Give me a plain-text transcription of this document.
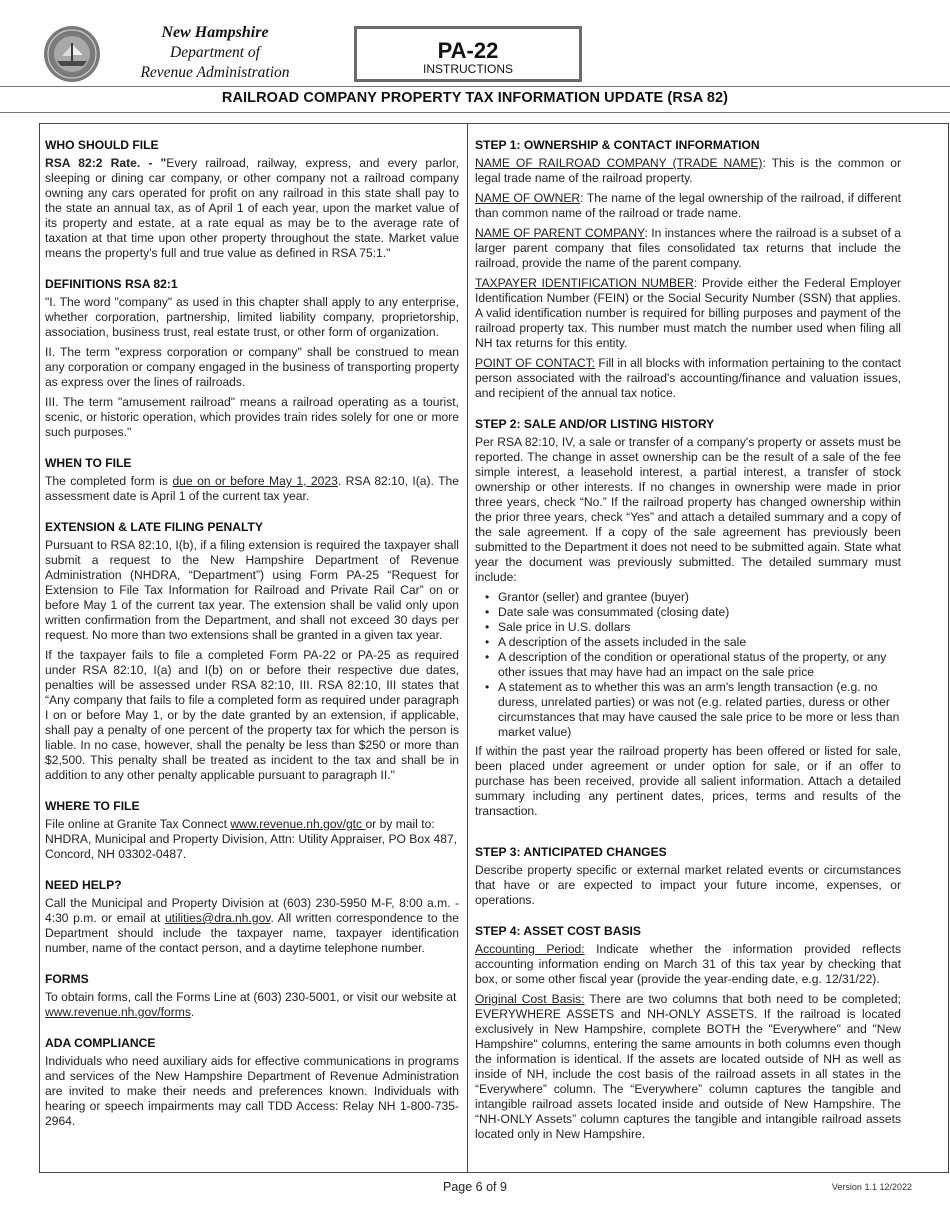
New Hampshire
Department of
Revenue Administration
PA-22
INSTRUCTIONS
RAILROAD COMPANY PROPERTY TAX INFORMATION UPDATE (RSA 82)
WHO SHOULD FILE

RSA 82:2 Rate. - "Every railroad, railway, express, and every parlor, sleeping or dining car company, or other company not a railroad company owning any cars operated for profit on any railroad in this state shall pay to the state an annual tax, as of April 1 of each year, upon the market value of its property and estate, at a rate equal as may be to the average rate of taxation at that time upon other property throughout the state. Market value means the property's full and true value as defined in RSA 75:1."

DEFINITIONS RSA 82:1

"I. The word "company" as used in this chapter shall apply to any enterprise, whether corporation, partnership, limited liability company, proprietorship, association, business trust, real estate trust, or other form of organization.

II. The term "express corporation or company" shall be construed to mean any corporation or company engaged in the business of transporting property as express over the lines of railroads.

III. The term "amusement railroad" means a railroad operating as a tourist, scenic, or historic operation, which provides train rides solely for one or more such purposes."

WHEN TO FILE

The completed form is due on or before May 1, 2023. RSA 82:10, I(a). The assessment date is April 1 of the current tax year.

EXTENSION & LATE FILING PENALTY

Pursuant to RSA 82:10, I(b), if a filing extension is required the taxpayer shall submit a request to the New Hampshire Department of Revenue Administration (NHDRA, “Department”) using Form PA-25 “Request for Extension to File Tax Information for Railroad and Private Rail Car” on or before May 1 of the current tax year. The extension shall be valid only upon written confirmation from the Department, and shall not exceed 30 days per request. No more than two extensions shall be granted in a given tax year.

If the taxpayer fails to file a completed Form PA-22 or PA-25 as required under RSA 82:10, I(a) and I(b) on or before their respective due dates, penalties will be assessed under RSA 82:10, III. RSA 82:10, III states that “Any company that fails to file a completed form as required under paragraph I on or before May 1, or by the date granted by an extension, if applicable, shall pay a penalty of one percent of the property tax for which the person is liable. In no case, however, shall the penalty be less than $250 or more than $2,500. This penalty shall be treated as incident to the tax and shall be in addition to any other penalty applicable pursuant to paragraph II."

WHERE TO FILE

File online at Granite Tax Connect www.revenue.nh.gov/gtc or by mail to: NHDRA, Municipal and Property Division, Attn: Utility Appraiser, PO Box 487, Concord, NH 03302-0487.

NEED HELP?

Call the Municipal and Property Division at (603) 230-5950 M-F, 8:00 a.m. - 4:30 p.m. or email at utilities@dra.nh.gov. All written correspondence to the Department should include the taxpayer name, taxpayer identification number, name of the contact person, and a daytime telephone number.

FORMS

To obtain forms, call the Forms Line at (603) 230-5001, or visit our website at www.revenue.nh.gov/forms.

ADA COMPLIANCE

Individuals who need auxiliary aids for effective communications in programs and services of the New Hampshire Department of Revenue Administration are invited to make their needs and preferences known. Individuals with hearing or speech impairments may call TDD Access: Relay NH 1-800-735-2964.

STEP 1: OWNERSHIP & CONTACT INFORMATION

NAME OF RAILROAD COMPANY (TRADE NAME): This is the common or legal trade name of the railroad property.

NAME OF OWNER: The name of the legal ownership of the railroad, if different than common name of the railroad or trade name.

NAME OF PARENT COMPANY: In instances where the railroad is a subset of a larger parent company that files consolidated tax returns that include the railroad, provide the name of the parent company.

TAXPAYER IDENTIFICATION NUMBER: Provide either the Federal Employer Identification Number (FEIN) or the Social Security Number (SSN) that applies. A valid identification number is required for billing purposes and payment of the railroad property tax. This number must match the number used when filing all NH tax returns for this entity.

POINT OF CONTACT: Fill in all blocks with information pertaining to the contact person associated with the railroad's accounting/finance and valuation issues, and recipient of the annual tax notice.

STEP 2: SALE AND/OR LISTING HISTORY

Per RSA 82:10, IV, a sale or transfer of a company's property or assets must be reported. The change in asset ownership can be the result of a sale of the fee simple interest, a leasehold interest, a partial interest, a transfer of stock ownership or other interests. If no changes in ownership were made in prior three years, check “No.” If the railroad property has changed ownership within the prior three years, check “Yes” and attach a detailed summary and a copy of the sale agreement. If a copy of the sale agreement has previously been submitted to the Department it does not need to be submitted again. State what year the document was previously submitted. The detailed summary must include:

• Grantor (seller) and grantee (buyer)
• Date sale was consummated (closing date)
• Sale price in U.S. dollars
• A description of the assets included in the sale
• A description of the condition or operational status of the property, or any other issues that may have had an impact on the sale price
• A statement as to whether this was an arm's length transaction (e.g. no duress, unrelated parties) or was not (e.g. related parties, duress or other circumstances that may have caused the sale price to be more or less than market value)

If within the past year the railroad property has been offered or listed for sale, been placed under agreement or under option for sale, or if an offer to purchase has been received, provide all salient information. Attach a detailed summary including any pertinent dates, prices, terms and results of the transaction.

STEP 3: ANTICIPATED CHANGES

Describe property specific or external market related events or circumstances that have or are expected to impact your future income, expenses, or operations.

STEP 4: ASSET COST BASIS

Accounting Period: Indicate whether the information provided reflects accounting information ending on March 31 of this tax year by checking that box, or some other fiscal year (provide the year-ending date, e.g. 12/31/22).

Original Cost Basis: There are two columns that both need to be completed; EVERYWHERE ASSETS and NH-ONLY ASSETS. If the railroad is located exclusively in New Hampshire, complete BOTH the "Everywhere" and "New Hampshire" columns, entering the same amounts in both columns even though the information is identical. If the assets are located outside of NH as well as inside of NH, include the cost basis of the railroad assets in all states in the “Everywhere” column. The “Everywhere” column captures the tangible and intangible railroad assets located inside and outside of New Hampshire. The “NH-ONLY Assets” column captures the tangible and intangible railroad assets located only in New Hampshire.

Page 6 of 9	Version 1.1 12/2022
